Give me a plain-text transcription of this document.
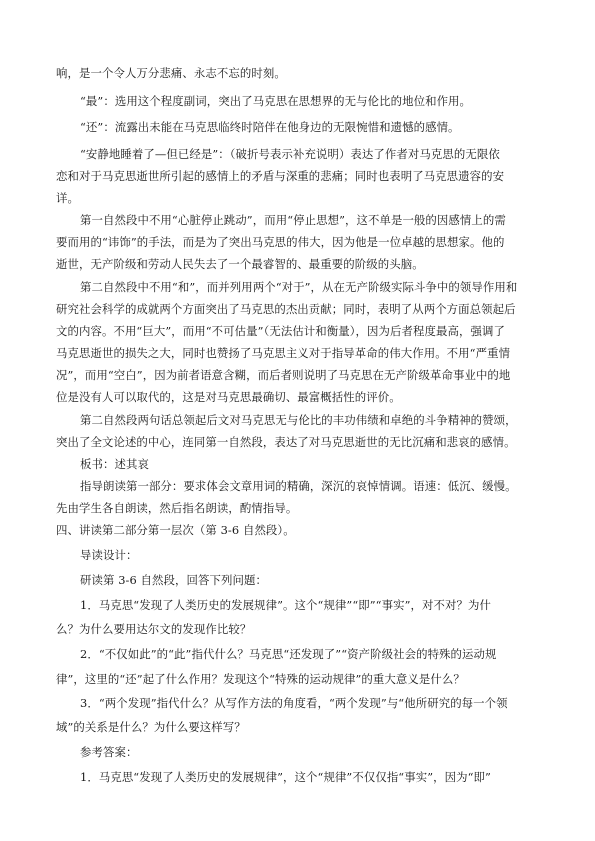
响，是一个令人万分悲痛、永志不忘的时刻。
“最”：选用这个程度副词，突出了马克思在思想界的无与伦比的地位和作用。
“还”：流露出未能在马克思临终时陪伴在他身边的无限惋惜和遗憾的感情。
“安静地睡着了—但已经是”：（破折号表示补充说明）表达了作者对马克思的无限依
恋和对于马克思逝世所引起的感情上的矛盾与深重的悲痛；同时也表明了马克思遗容的安
详。
第一自然段中不用“心脏停止跳动”，而用“停止思想”，这不单是一般的因感情上的需
要而用的“讳饰”的手法，而是为了突出马克思的伟大，因为他是一位卓越的思想家。他的
逝世，无产阶级和劳动人民失去了一个最睿智的、最重要的阶级的头脑。
第二自然段中不用“和”，而并列用两个“对于”，从在无产阶级实际斗争中的领导作用和
研究社会科学的成就两个方面突出了马克思的杰出贡献；同时，表明了从两个方面总领起后
文的内容。不用“巨大”，而用“不可估量”（无法估计和衡量），因为后者程度最高，强调了
马克思逝世的损失之大，同时也赞扬了马克思主义对于指导革命的伟大作用。不用“严重情
况”，而用“空白”，因为前者语意含糊，而后者则说明了马克思在无产阶级革命事业中的地
位是没有人可以取代的，这是对马克思最确切、最富概括性的评价。
第二自然段两句话总领起后文对马克思无与伦比的丰功伟绩和卓绝的斗争精神的赞颂，
突出了全文论述的中心，连同第一自然段，表达了对马克思逝世的无比沉痛和悲哀的感情。
板书：述其哀
指导朗读第一部分：要求体会文章用词的精确，深沉的哀悼情调。语速：低沉、缓慢。
先由学生各自朗读，然后指名朗读，酌情指导。
四、讲读第二部分第一层次（第 3-6 自然段）。
导读设计：
研读第 3-6 自然段，回答下列问题：
1．马克思“发现了人类历史的发展规律”。这个“规律”“即”“事实”，对不对？为什
么？为什么要用达尔文的发现作比较？
2．“不仅如此”的“此”指代什么？马克思“还发现了”“资产阶级社会的特殊的运动规
律”，这里的“还”起了什么作用？发现这个“特殊的运动规律”的重大意义是什么？
3．“两个发现”指代什么？从写作方法的角度看，“两个发现”与“他所研究的每一个领
域”的关系是什么？为什么要这样写？
参考答案：
1．马克思“发现了人类历史的发展规律”，这个“规律”不仅仅指“事实”，因为“即”
